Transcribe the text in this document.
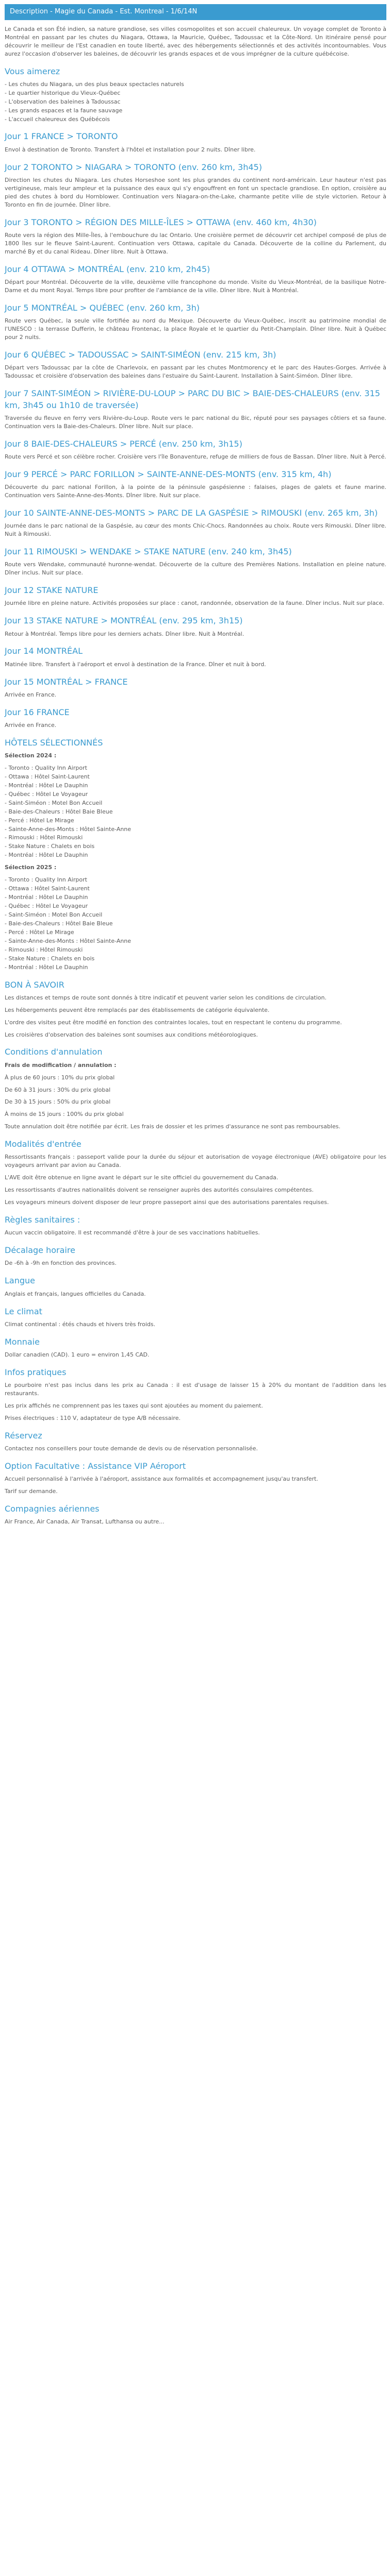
Description - Magie du Canada - Est. Montreal - 1/6/14N

Le Canada et son Été indien, sa nature grandiose, ses villes cosmopolites et son accueil chaleureux. Un voyage complet de Toronto à Montréal en passant par les chutes du Niagara, Ottawa, la Mauricie, Québec, Tadoussac et la Côte-Nord. Un itinéraire pensé pour découvrir le meilleur de l'Est canadien en toute liberté, avec des hébergements sélectionnés et des activités incontournables. Vous aurez l'occasion d'observer les baleines, de découvrir les grands espaces et de vous imprégner de la culture québécoise.

Vous aimerez
- Les chutes du Niagara, un des plus beaux spectacles naturels
- Le quartier historique du Vieux-Québec
- L'observation des baleines à Tadoussac
- Les grands espaces et la faune sauvage
- L'accueil chaleureux des Québécois
Jour 1 FRANCE > TORONTO

Envol à destination de Toronto. Transfert à l'hôtel et installation pour 2 nuits. Dîner libre.

Jour 2 TORONTO > NIAGARA > TORONTO (env. 260 km, 3h45)

Direction les chutes du Niagara. Les chutes Horseshoe sont les plus grandes du continent nord-américain. Leur hauteur n'est pas vertigineuse, mais leur ampleur et la puissance des eaux qui s'y engouffrent en font un spectacle grandiose. En option, croisière au pied des chutes à bord du Hornblower. Continuation vers Niagara-on-the-Lake, charmante petite ville de style victorien. Retour à Toronto en fin de journée. Dîner libre.

Jour 3 TORONTO > RÉGION DES MILLE-ÎLES > OTTAWA (env. 460 km, 4h30)

Route vers la région des Mille-Îles, à l'embouchure du lac Ontario. Une croisière permet de découvrir cet archipel composé de plus de 1800 îles sur le fleuve Saint-Laurent. Continuation vers Ottawa, capitale du Canada. Découverte de la colline du Parlement, du marché By et du canal Rideau. Dîner libre. Nuit à Ottawa.

Jour 4 OTTAWA > MONTRÉAL (env. 210 km, 2h45)

Départ pour Montréal. Découverte de la ville, deuxième ville francophone du monde. Visite du Vieux-Montréal, de la basilique Notre-Dame et du mont Royal. Temps libre pour profiter de l'ambiance de la ville. Dîner libre. Nuit à Montréal.

Jour 5 MONTRÉAL > QUÉBEC (env. 260 km, 3h)

Route vers Québec, la seule ville fortifiée au nord du Mexique. Découverte du Vieux-Québec, inscrit au patrimoine mondial de l'UNESCO : la terrasse Dufferin, le château Frontenac, la place Royale et le quartier du Petit-Champlain. Dîner libre. Nuit à Québec pour 2 nuits.

Jour 6 QUÉBEC > TADOUSSAC > SAINT-SIMÉON (env. 215 km, 3h)

Départ vers Tadoussac par la côte de Charlevoix, en passant par les chutes Montmorency et le parc des Hautes-Gorges. Arrivée à Tadoussac et croisière d'observation des baleines dans l'estuaire du Saint-Laurent. Installation à Saint-Siméon. Dîner libre.

Jour 7 SAINT-SIMÉON > RIVIÈRE-DU-LOUP > PARC DU BIC > BAIE-DES-CHALEURS (env. 315 km, 3h45 ou 1h10 de traversée)

Traversée du fleuve en ferry vers Rivière-du-Loup. Route vers le parc national du Bic, réputé pour ses paysages côtiers et sa faune. Continuation vers la Baie-des-Chaleurs. Dîner libre. Nuit sur place.

Jour 8 BAIE-DES-CHALEURS > PERCÉ (env. 250 km, 3h15)

Route vers Percé et son célèbre rocher. Croisière vers l'île Bonaventure, refuge de milliers de fous de Bassan. Dîner libre. Nuit à Percé.

Jour 9 PERCÉ > PARC FORILLON > SAINTE-ANNE-DES-MONTS (env. 315 km, 4h)

Découverte du parc national Forillon, à la pointe de la péninsule gaspésienne : falaises, plages de galets et faune marine. Continuation vers Sainte-Anne-des-Monts. Dîner libre. Nuit sur place.

Jour 10 SAINTE-ANNE-DES-MONTS > PARC DE LA GASPÉSIE > RIMOUSKI (env. 265 km, 3h)

Journée dans le parc national de la Gaspésie, au cœur des monts Chic-Chocs. Randonnées au choix. Route vers Rimouski. Dîner libre. Nuit à Rimouski.

Jour 11 RIMOUSKI > WENDAKE > STAKE NATURE (env. 240 km, 3h45)

Route vers Wendake, communauté huronne-wendat. Découverte de la culture des Premières Nations. Installation en pleine nature. Dîner inclus. Nuit sur place.

Jour 12 STAKE NATURE

Journée libre en pleine nature. Activités proposées sur place : canot, randonnée, observation de la faune. Dîner inclus. Nuit sur place.

Jour 13 STAKE NATURE > MONTRÉAL (env. 295 km, 3h15)

Retour à Montréal. Temps libre pour les derniers achats. Dîner libre. Nuit à Montréal.

Jour 14 MONTRÉAL

Matinée libre. Transfert à l'aéroport et envol à destination de la France. Dîner et nuit à bord.

Jour 15 MONTRÉAL > FRANCE

Arrivée en France.

Jour 16 FRANCE

Arrivée en France.

HÔTELS SÉLECTIONNÉS

Sélection 2024 :

- Toronto : Quality Inn Airport
- Ottawa : Hôtel Saint-Laurent
- Montréal : Hôtel Le Dauphin
- Québec : Hôtel Le Voyageur
- Saint-Siméon : Motel Bon Accueil
- Baie-des-Chaleurs : Hôtel Baie Bleue
- Percé : Hôtel Le Mirage
- Sainte-Anne-des-Monts : Hôtel Sainte-Anne
- Rimouski : Hôtel Rimouski
- Stake Nature : Chalets en bois
- Montréal : Hôtel Le Dauphin

Sélection 2025 :

- Toronto : Quality Inn Airport
- Ottawa : Hôtel Saint-Laurent
- Montréal : Hôtel Le Dauphin
- Québec : Hôtel Le Voyageur
- Saint-Siméon : Motel Bon Accueil
- Baie-des-Chaleurs : Hôtel Baie Bleue
- Percé : Hôtel Le Mirage
- Sainte-Anne-des-Monts : Hôtel Sainte-Anne
- Rimouski : Hôtel Rimouski
- Stake Nature : Chalets en bois
- Montréal : Hôtel Le Dauphin
BON À SAVOIR

Les distances et temps de route sont donnés à titre indicatif et peuvent varier selon les conditions de circulation.

Les hébergements peuvent être remplacés par des établissements de catégorie équivalente.

L'ordre des visites peut être modifié en fonction des contraintes locales, tout en respectant le contenu du programme.

Les croisières d'observation des baleines sont soumises aux conditions météorologiques.

Conditions d'annulation

Frais de modification / annulation :

À plus de 60 jours : 10% du prix global

De 60 à 31 jours : 30% du prix global

De 30 à 15 jours : 50% du prix global

À moins de 15 jours : 100% du prix global

Toute annulation doit être notifiée par écrit. Les frais de dossier et les primes d'assurance ne sont pas remboursables.

Modalités d'entrée

Ressortissants français : passeport valide pour la durée du séjour et autorisation de voyage électronique (AVE) obligatoire pour les voyageurs arrivant par avion au Canada.

L'AVE doit être obtenue en ligne avant le départ sur le site officiel du gouvernement du Canada.

Les ressortissants d'autres nationalités doivent se renseigner auprès des autorités consulaires compétentes.

Les voyageurs mineurs doivent disposer de leur propre passeport ainsi que des autorisations parentales requises.

Règles sanitaires :

Aucun vaccin obligatoire. Il est recommandé d'être à jour de ses vaccinations habituelles.

Décalage horaire

De -6h à -9h en fonction des provinces.

Langue

Anglais et français, langues officielles du Canada.

Le climat

Climat continental : étés chauds et hivers très froids.

Monnaie

Dollar canadien (CAD). 1 euro = environ 1,45 CAD.

Infos pratiques

Le pourboire n'est pas inclus dans les prix au Canada : il est d'usage de laisser 15 à 20% du montant de l'addition dans les restaurants.

Les prix affichés ne comprennent pas les taxes qui sont ajoutées au moment du paiement.

Prises électriques : 110 V, adaptateur de type A/B nécessaire.

Réservez

Contactez nos conseillers pour toute demande de devis ou de réservation personnalisée.

Option Facultative : Assistance VIP Aéroport

Accueil personnalisé à l'arrivée à l'aéroport, assistance aux formalités et accompagnement jusqu'au transfert.

Tarif sur demande.

Compagnies aériennes

Air France, Air Canada, Air Transat, Lufthansa ou autre...
